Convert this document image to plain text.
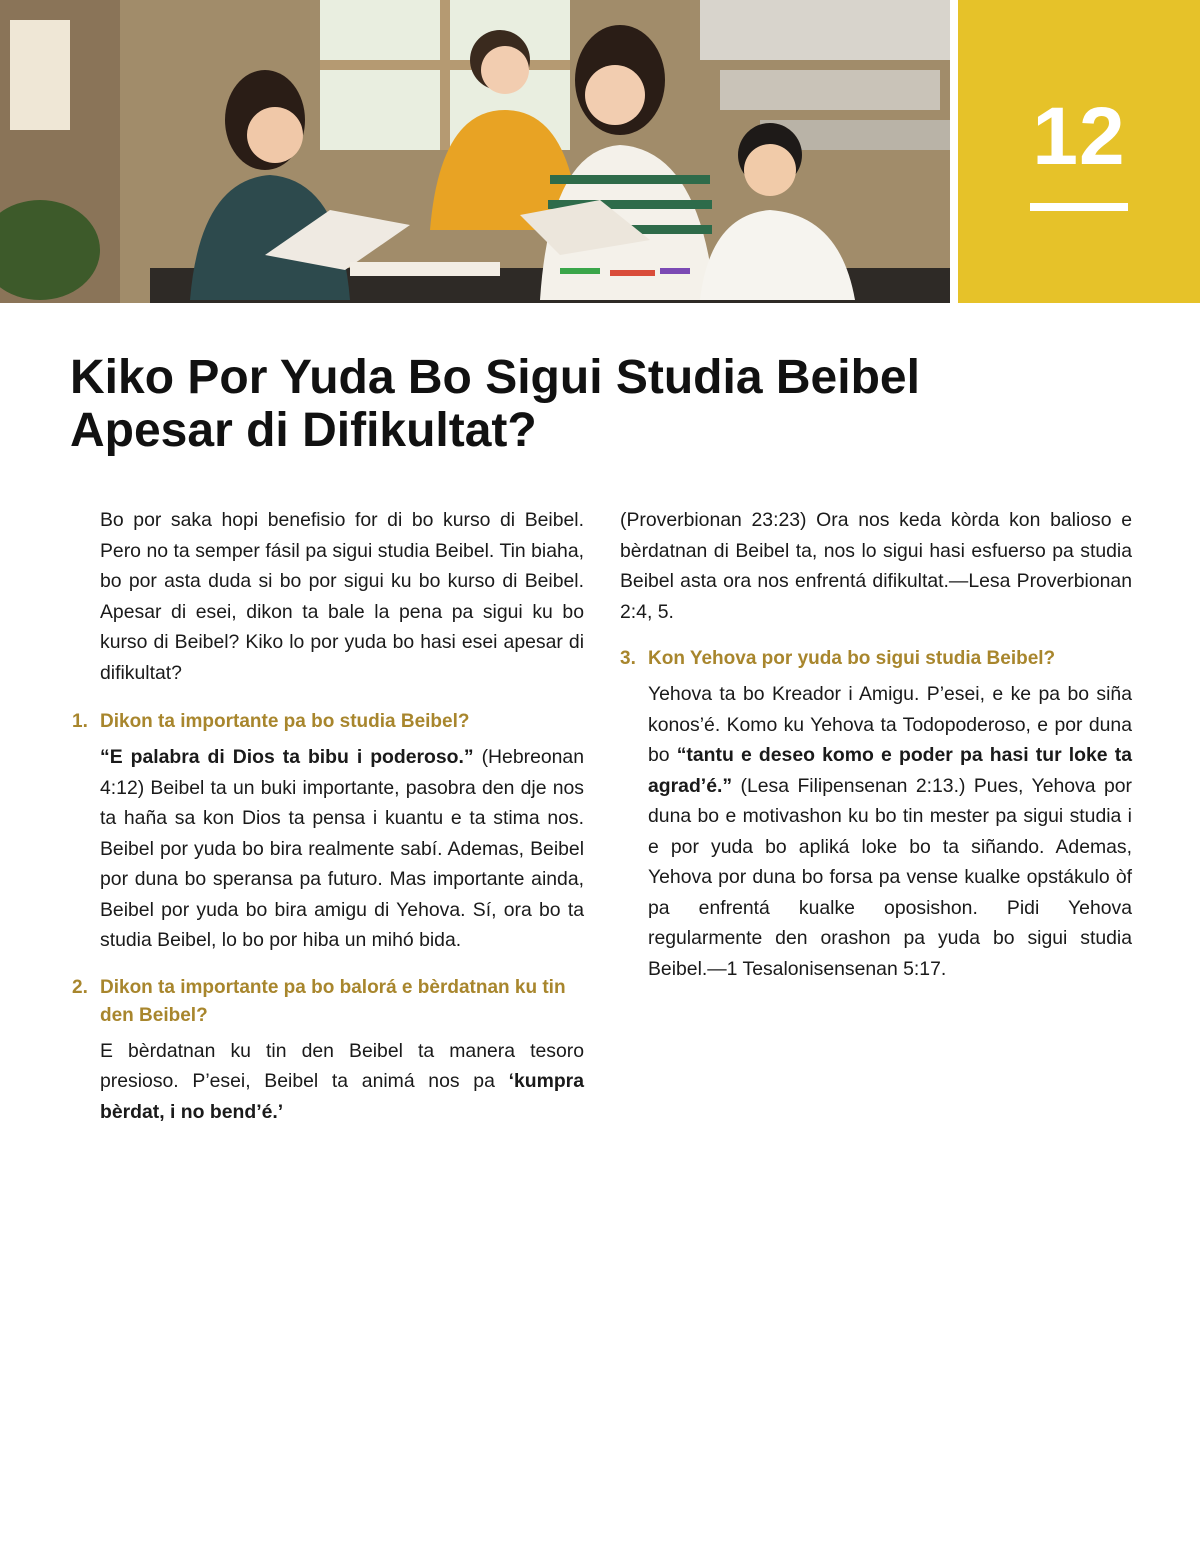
12
Kiko Por Yuda Bo Sigui Studia Beibel
Apesar di Difikultat?

Bo por saka hopi benefisio for di bo kurso di Beibel. Pero no ta semper fásil pa sigui studia Beibel. Tin biaha, bo por asta duda si bo por sigui ku bo kurso di Beibel. Apesar di esei, dikon ta bale la pena pa sigui ku bo kurso di Beibel? Kiko lo por yuda bo hasi esei apesar di difikultat?

1. Dikon ta importante pa bo studia Beibel?

“E palabra di Dios ta bibu i poderoso.” (Hebreonan 4:12) Beibel ta un buki importante, pasobra den dje nos ta haña sa kon Dios ta pensa i kuantu e ta stima nos. Beibel por yuda bo bira realmente sabí. Ademas, Beibel por duna bo speransa pa futuro. Mas importante ainda, Beibel por yuda bo bira amigu di Yehova. Sí, ora bo ta studia Beibel, lo bo por hiba un mihó bida.

2. Dikon ta importante pa bo balorá e bèrdatnan ku tin den Beibel?

E bèrdatnan ku tin den Beibel ta manera tesoro presioso. P’esei, Beibel ta animá nos pa ‘kumpra bèrdat, i no bend’é.’

(Proverbionan 23:23) Ora nos keda kòrda kon balioso e bèrdatnan di Beibel ta, nos lo sigui hasi esfuerso pa studia Beibel asta ora nos enfrentá difikultat.—Lesa Proverbionan 2:4, 5.

3. Kon Yehova por yuda bo sigui studia Beibel?

Yehova ta bo Kreador i Amigu. P’esei, e ke pa bo siña konos’é. Komo ku Yehova ta Todopoderoso, e por duna bo “tantu e deseo komo e poder pa hasi tur loke ta agrad’é.” (Lesa Filipensenan 2:13.) Pues, Yehova por duna bo e motivashon ku bo tin mester pa sigui studia i e por yuda bo apliká loke bo ta siñando. Ademas, Yehova por duna bo forsa pa vense kualke opstákulo òf pa enfrentá kualke oposishon. Pidi Yehova regularmente den orashon pa yuda bo sigui studia Beibel.—1 Tesalonisensenan 5:17.
